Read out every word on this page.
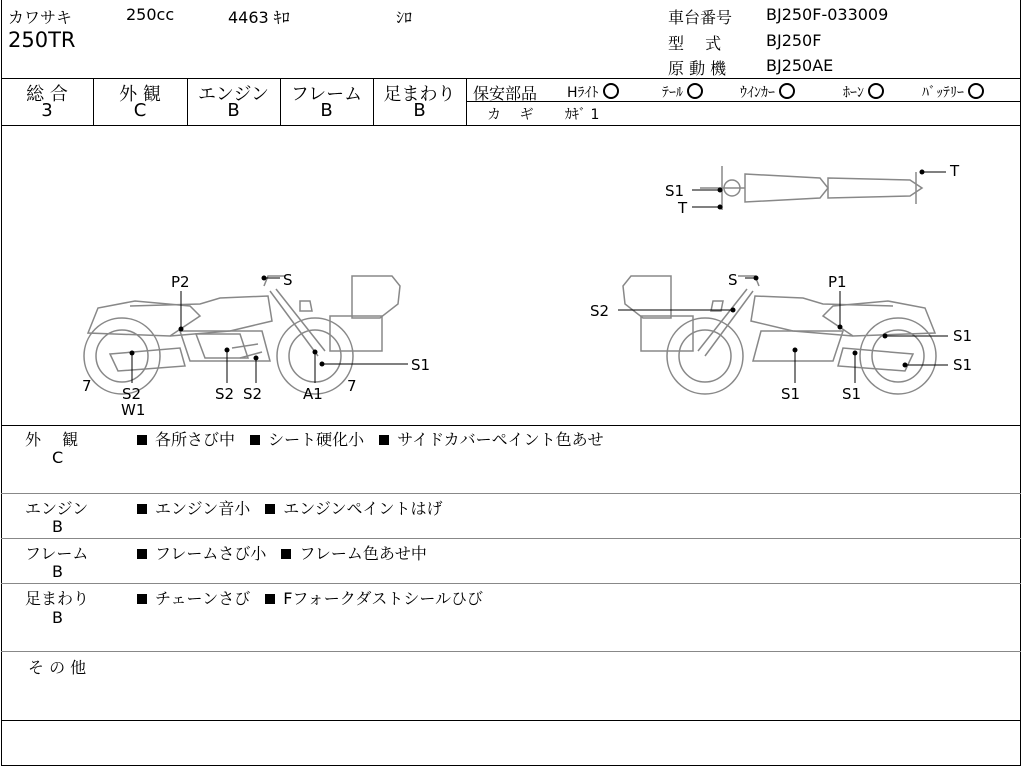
カワサキ	250cc	4463 ｷﾛ	ｼﾛ
250TR
車台番号 BJ250F-033009
型　 式	BJ250F
原 動 機 BJ250AE
総 合
3
外 観
C
エンジン
B
フレーム
B
足まわり
B
保安部品 Hﾗｲﾄ	ﾃｰﾙ	ｳｲﾝｶｰ	ﾎｰﾝ	ﾊﾞｯﾃﾘｰ
カ　 ギ ｶｷﾞ 1
P2	S
S1
7	7
S2
W1
S2 S2	A1
S	P1
S2
S1
S1
S1	S1
S1
T
T
外　 観
C
各所さび中 シート硬化小 サイドカバーペイント色あせ
エンジン
B
エンジン音小 エンジンペイントはげ
フレーム
B
フレームさび小 フレーム色あせ中
足まわり
B
チェーンさび Fフォークダストシールひび
そ の 他
